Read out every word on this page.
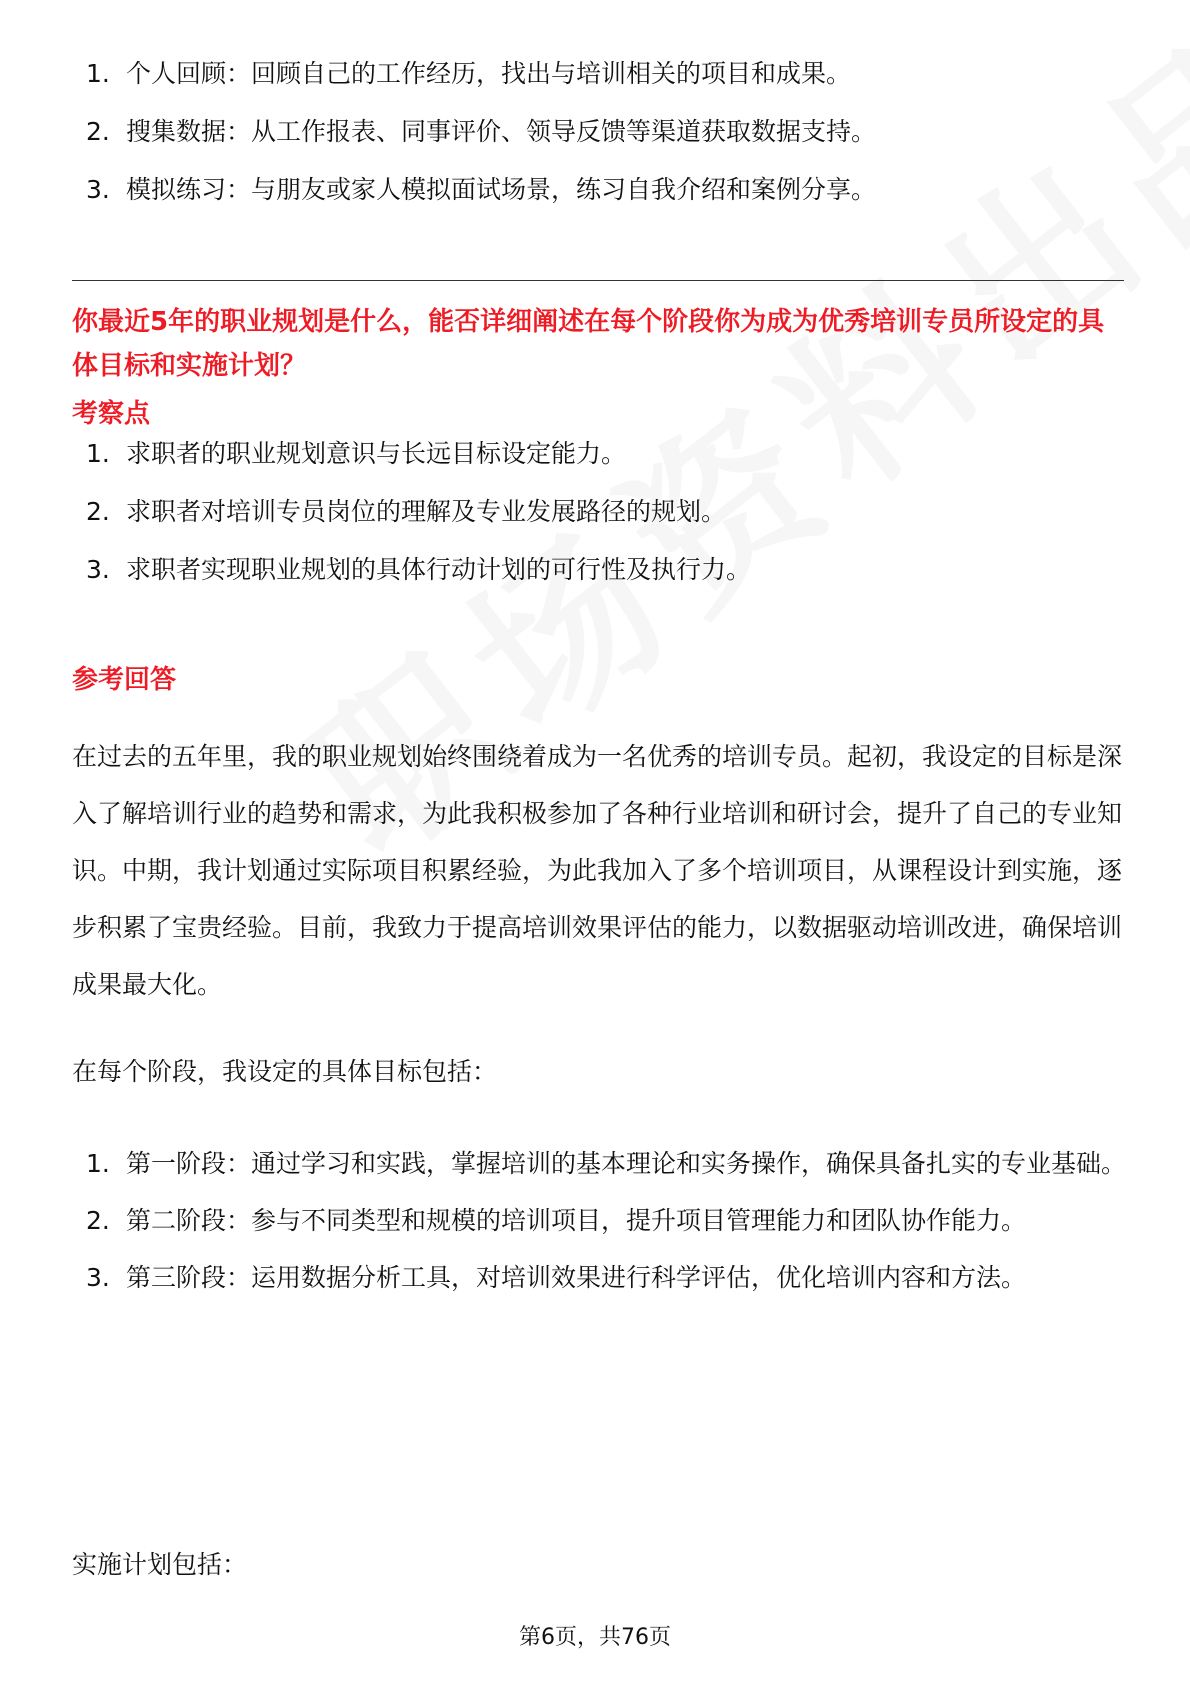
1. 个人回顾：回顾自己的工作经历，找出与培训相关的项目和成果。
2. 搜集数据：从工作报表、同事评价、领导反馈等渠道获取数据支持。
3. 模拟练习：与朋友或家人模拟面试场景，练习自我介绍和案例分享。

你最近5年的职业规划是什么，能否详细阐述在每个阶段你为成为优秀培训专员所设定的具体目标和实施计划？

考察点
1. 求职者的职业规划意识与长远目标设定能力。
2. 求职者对培训专员岗位的理解及专业发展路径的规划。
3. 求职者实现职业规划的具体行动计划的可行性及执行力。
参考回答

在过去的五年里，我的职业规划始终围绕着成为一名优秀的培训专员。起初，我设定的目标是深入了解培训行业的趋势和需求，为此我积极参加了各种行业培训和研讨会，提升了自己的专业知识。中期，我计划通过实际项目积累经验，为此我加入了多个培训项目，从课程设计到实施，逐步积累了宝贵经验。目前，我致力于提高培训效果评估的能力，以数据驱动培训改进，确保培训成果最大化。

在每个阶段，我设定的具体目标包括：

1. 第一阶段：通过学习和实践，掌握培训的基本理论和实务操作，确保具备扎实的专业基础。
2. 第二阶段：参与不同类型和规模的培训项目，提升项目管理能力和团队协作能力。
3. 第三阶段：运用数据分析工具，对培训效果进行科学评估，优化培训内容和方法。

实施计划包括：

第6页，共76页
